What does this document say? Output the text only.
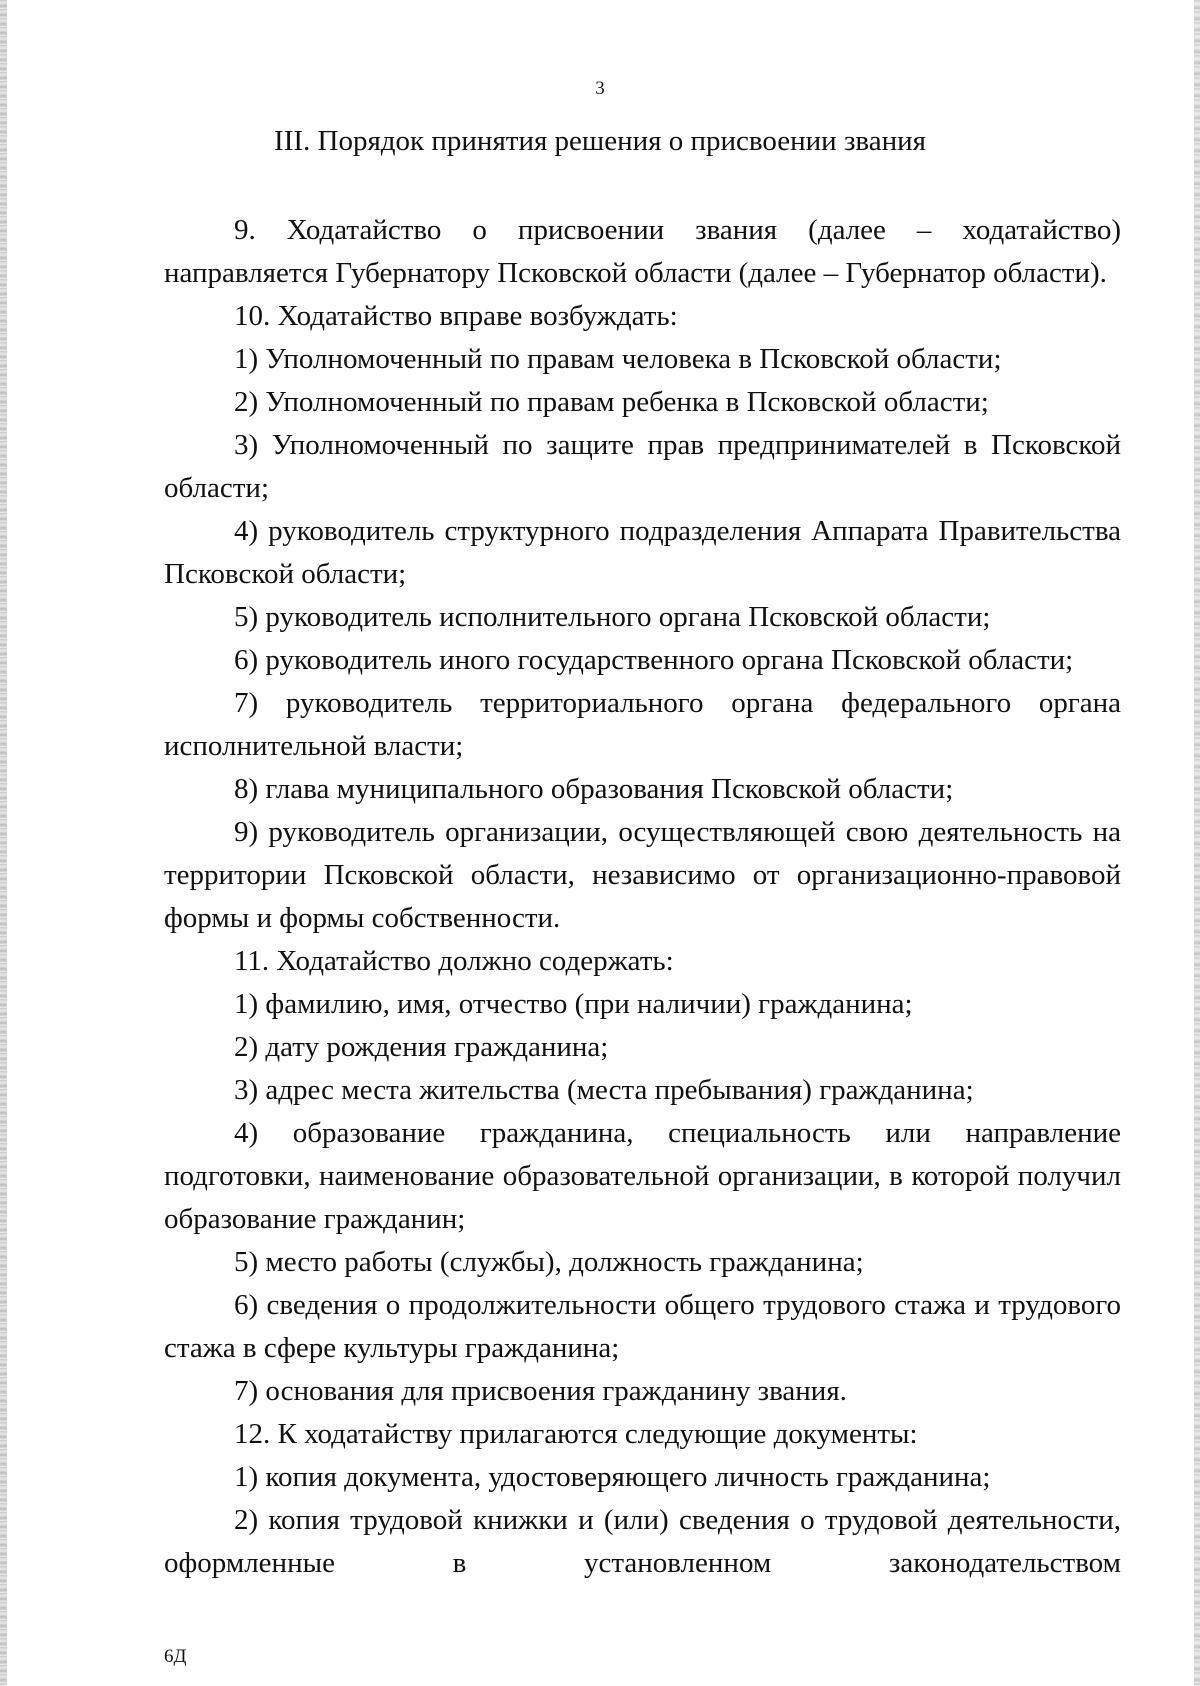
3
III. Порядок принятия решения о присвоении звания

9. Ходатайство о присвоении звания (далее – ходатайство) направляется Губернатору Псковской области (далее – Губернатор области).

10. Ходатайство вправе возбуждать:

1) Уполномоченный по правам человека в Псковской области;

2) Уполномоченный по правам ребенка в Псковской области;

3) Уполномоченный по защите прав предпринимателей в Псковской области;

4) руководитель структурного подразделения Аппарата Правительства Псковской области;

5) руководитель исполнительного органа Псковской области;

6) руководитель иного государственного органа Псковской области;

7) руководитель территориального органа федерального органа исполнительной власти;

8) глава муниципального образования Псковской области;

9) руководитель организации, осуществляющей свою деятельность на территории Псковской области, независимо от организационно-правовой формы и формы собственности.

11. Ходатайство должно содержать:

1) фамилию, имя, отчество (при наличии) гражданина;

2) дату рождения гражданина;

3) адрес места жительства (места пребывания) гражданина;

4) образование гражданина, специальность или направление подготовки, наименование образовательной организации, в которой получил образование гражданин;

5) место работы (службы), должность гражданина;

6) сведения о продолжительности общего трудового стажа и трудового стажа в сфере культуры гражданина;

7) основания для присвоения гражданину звания.

12. К ходатайству прилагаются следующие документы:

1) копия документа, удостоверяющего личность гражданина;

2) копия трудовой книжки и (или) сведения о трудовой деятельности, оформленные в установленном законодательством

6Д
